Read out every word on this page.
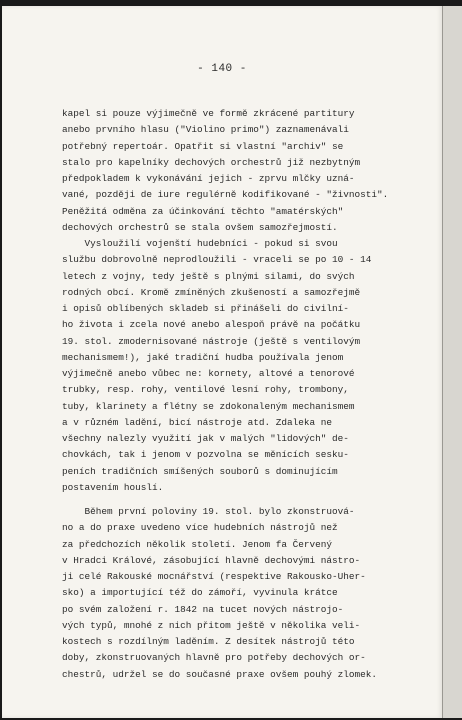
- 140 -
kapel si pouze výjimečně ve formě zkrácené partitury
anebo prvního hlasu ("Violino primo") zaznamenávali
potřebný repertoár. Opatřit si vlastní "archiv" se
stalo pro kapelníky dechových orchestrů již nezbytným
předpokladem k vykonávání jejich - zprvu mlčky uzná-
vané, později de iure regulérně kodifikované - "živnosti".
Peněžitá odměna za účinkování těchto "amatérských"
dechových orchestrů se stala ovšem samozřejmostí.
Vysloužilí vojenští hudebníci - pokud si svou
službu dobrovolně neprodloužili - vraceli se po 10 - 14
letech z vojny, tedy ještě s plnými silami, do svých
rodných obcí. Kromě zmíněných zkušeností a samozřejmě
i opisů oblíbených skladeb si přinášeli do civilní-
ho života i zcela nové anebo alespoň právě na počátku
19. stol. zmodernisované nástroje (ještě s ventilovým
mechanismem!), jaké tradiční hudba používala jenom
výjimečně anebo vůbec ne: kornety, altové a tenorové
trubky, resp. rohy, ventilové lesní rohy, trombony,
tuby, klarinety a flétny se zdokonaleným mechanismem
a v různém ladění, bicí nástroje atd. Zdaleka ne
všechny nalezly využití jak v malých "lidových" de-
chovkách, tak i jenom v pozvolna se měnících sesku-
peních tradičních smíšených souborů s dominujícím
postavením houslí.
Během první poloviny 19. stol. bylo zkonstruová-
no a do praxe uvedeno více hudebních nástrojů než
za předchozích několik století. Jenom fa Červený
v Hradci Králové, zásobující hlavně dechovými nástro-
ji celé Rakouské mocnářství (respektive Rakousko-Uher-
sko) a importující též do zámoří, vyvinula krátce
po svém založení r. 1842 na tucet nových nástrojo-
vých typů, mnohé z nich přitom ještě v několika veli-
kostech s rozdílným laděním. Z desítek nástrojů této
doby, zkonstruovaných hlavně pro potřeby dechových or-
chestrů, udržel se do současné praxe ovšem pouhý zlomek.
